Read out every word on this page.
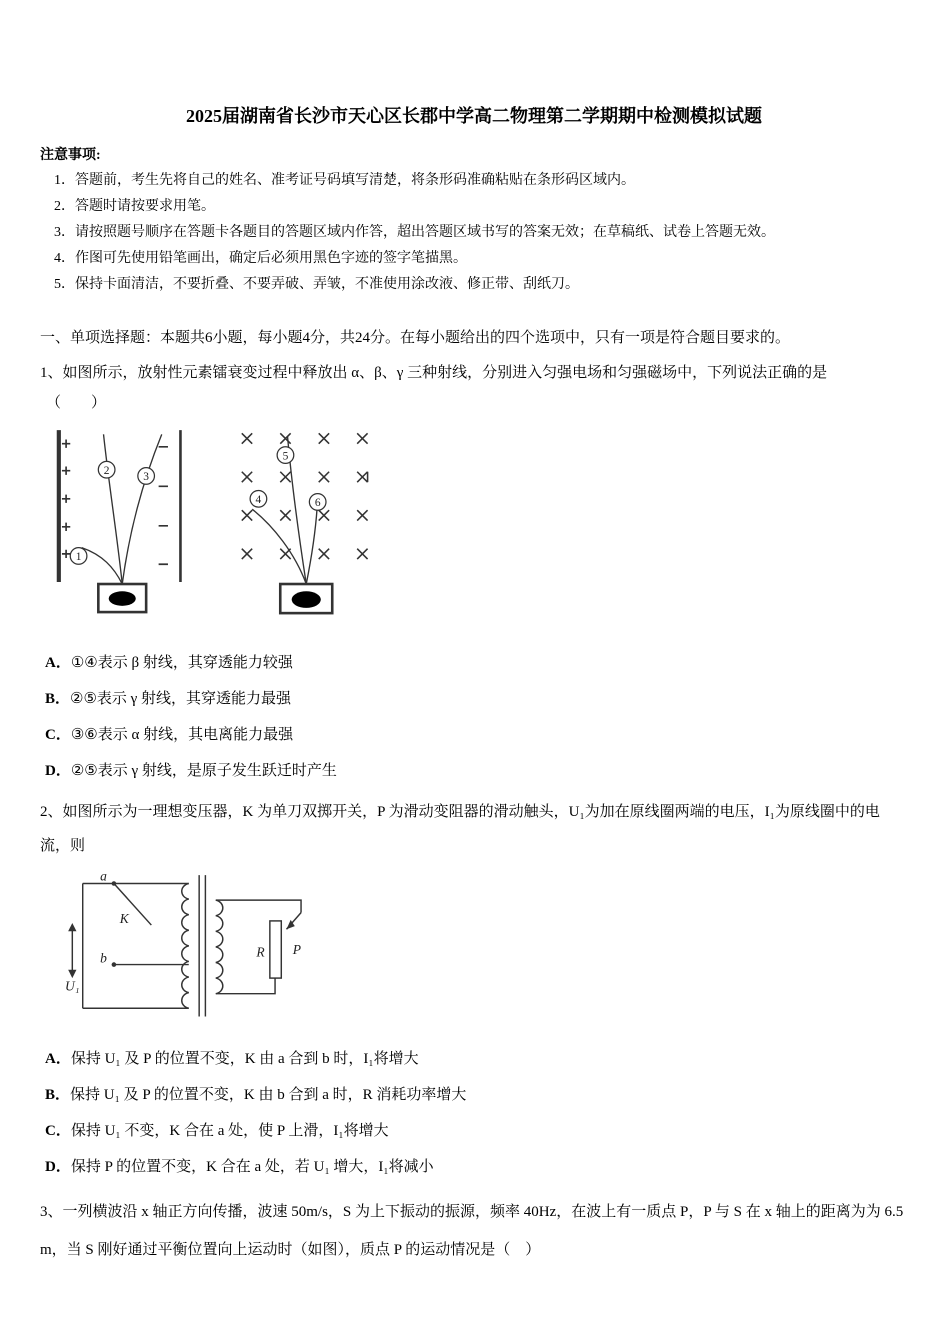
2025届湖南省长沙市天心区长郡中学高二物理第二学期期中检测模拟试题
注意事项:
1．答题前，考生先将自己的姓名、准考证号码填写清楚，将条形码准确粘贴在条形码区域内。
2．答题时请按要求用笔。
3．请按照题号顺序在答题卡各题目的答题区域内作答，超出答题区域书写的答案无效；在草稿纸、试卷上答题无效。
4．作图可先使用铅笔画出，确定后必须用黑色字迹的签字笔描黑。
5．保持卡面清洁，不要折叠、不要弄破、弄皱，不准使用涂改液、修正带、刮纸刀。
一、单项选择题：本题共6小题，每小题4分，共24分。在每小题给出的四个选项中，只有一项是符合题目要求的。

1、如图所示，放射性元素镭衰变过程中释放出 α、β、γ 三种射线，分别进入匀强电场和匀强磁场中，下列说法正确的是

（　　）

1
2
3
4
5
6

A．①④表示 β 射线，其穿透能力较强

B．②⑤表示 γ 射线，其穿透能力最强

C．③⑥表示 α 射线，其电离能力最强

D．②⑤表示 γ 射线，是原子发生跃迁时产生

2、如图所示为一理想变压器，K 为单刀双掷开关，P 为滑动变阻器的滑动触头，U₁为加在原线圈两端的电压，I₁为原线圈中的电流，则

a
b
K
U₁
R P

A．保持 U₁ 及 P 的位置不变，K 由 a 合到 b 时，I₁将增大

B．保持 U₁ 及 P 的位置不变，K 由 b 合到 a 时，R 消耗功率增大

C．保持 U₁ 不变，K 合在 a 处，使 P 上滑，I₁将增大

D．保持 P 的位置不变，K 合在 a 处，若 U₁ 增大，I₁将减小

3、一列横波沿 x 轴正方向传播，波速 50m/s，S 为上下振动的振源，频率 40Hz，在波上有一质点 P，P 与 S 在 x 轴上的距离为为 6.5 m，当 S 刚好通过平衡位置向上运动时（如图），质点 P 的运动情况是（　）
